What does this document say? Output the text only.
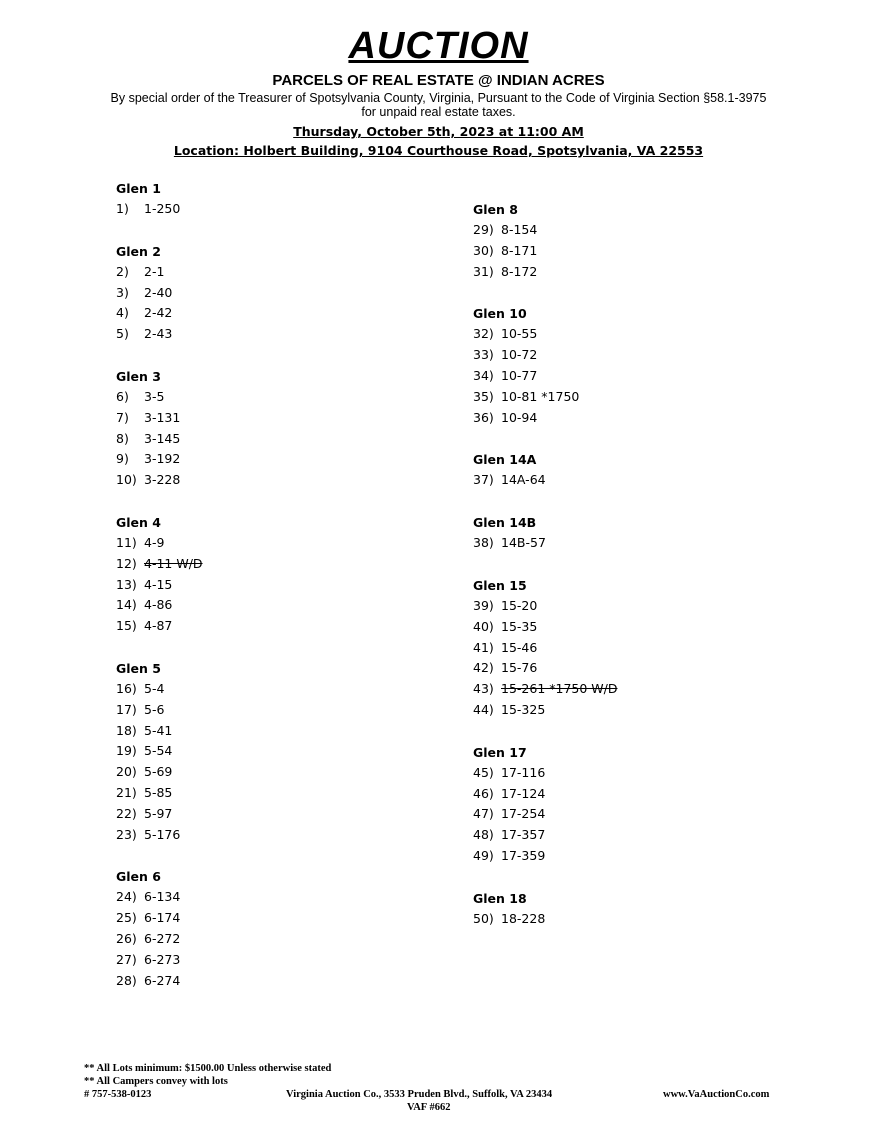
AUCTION
PARCELS OF REAL ESTATE @ INDIAN ACRES
By special order of the Treasurer of Spotsylvania County, Virginia, Pursuant to the Code of Virginia Section §58.1-3975
for unpaid real estate taxes.
Thursday, October 5th, 2023 at 11:00 AM
Location: Holbert Building, 9104 Courthouse Road, Spotsylvania, VA 22553
Glen 1
1) 1-250
Glen 2
2) 2-1
3) 2-40
4) 2-42
5) 2-43
Glen 3
6) 3-5
7) 3-131
8) 3-145
9) 3-192
10) 3-228
Glen 4
11) 4-9
12) 4-11 W/D
13) 4-15
14) 4-86
15) 4-87
Glen 5
16) 5-4
17) 5-6
18) 5-41
19) 5-54
20) 5-69
21) 5-85
22) 5-97
23) 5-176
Glen 6
24) 6-134
25) 6-174
26) 6-272
27) 6-273
28) 6-274
Glen 8
29) 8-154
30) 8-171
31) 8-172
Glen 10
32) 10-55
33) 10-72
34) 10-77
35) 10-81 *1750
36) 10-94
Glen 14A
37) 14A-64
Glen 14B
38) 14B-57
Glen 15
39) 15-20
40) 15-35
41) 15-46
42) 15-76
43) 15-261 *1750 W/D
44) 15-325
Glen 17
45) 17-116
46) 17-124
47) 17-254
48) 17-357
49) 17-359
Glen 18
50) 18-228
** All Lots minimum: $1500.00 Unless otherwise stated
** All Campers convey with lots
# 757-538-0123	Virginia Auction Co., 3533 Pruden Blvd., Suffolk, VA 23434	www.VaAuctionCo.com
VAF #662
